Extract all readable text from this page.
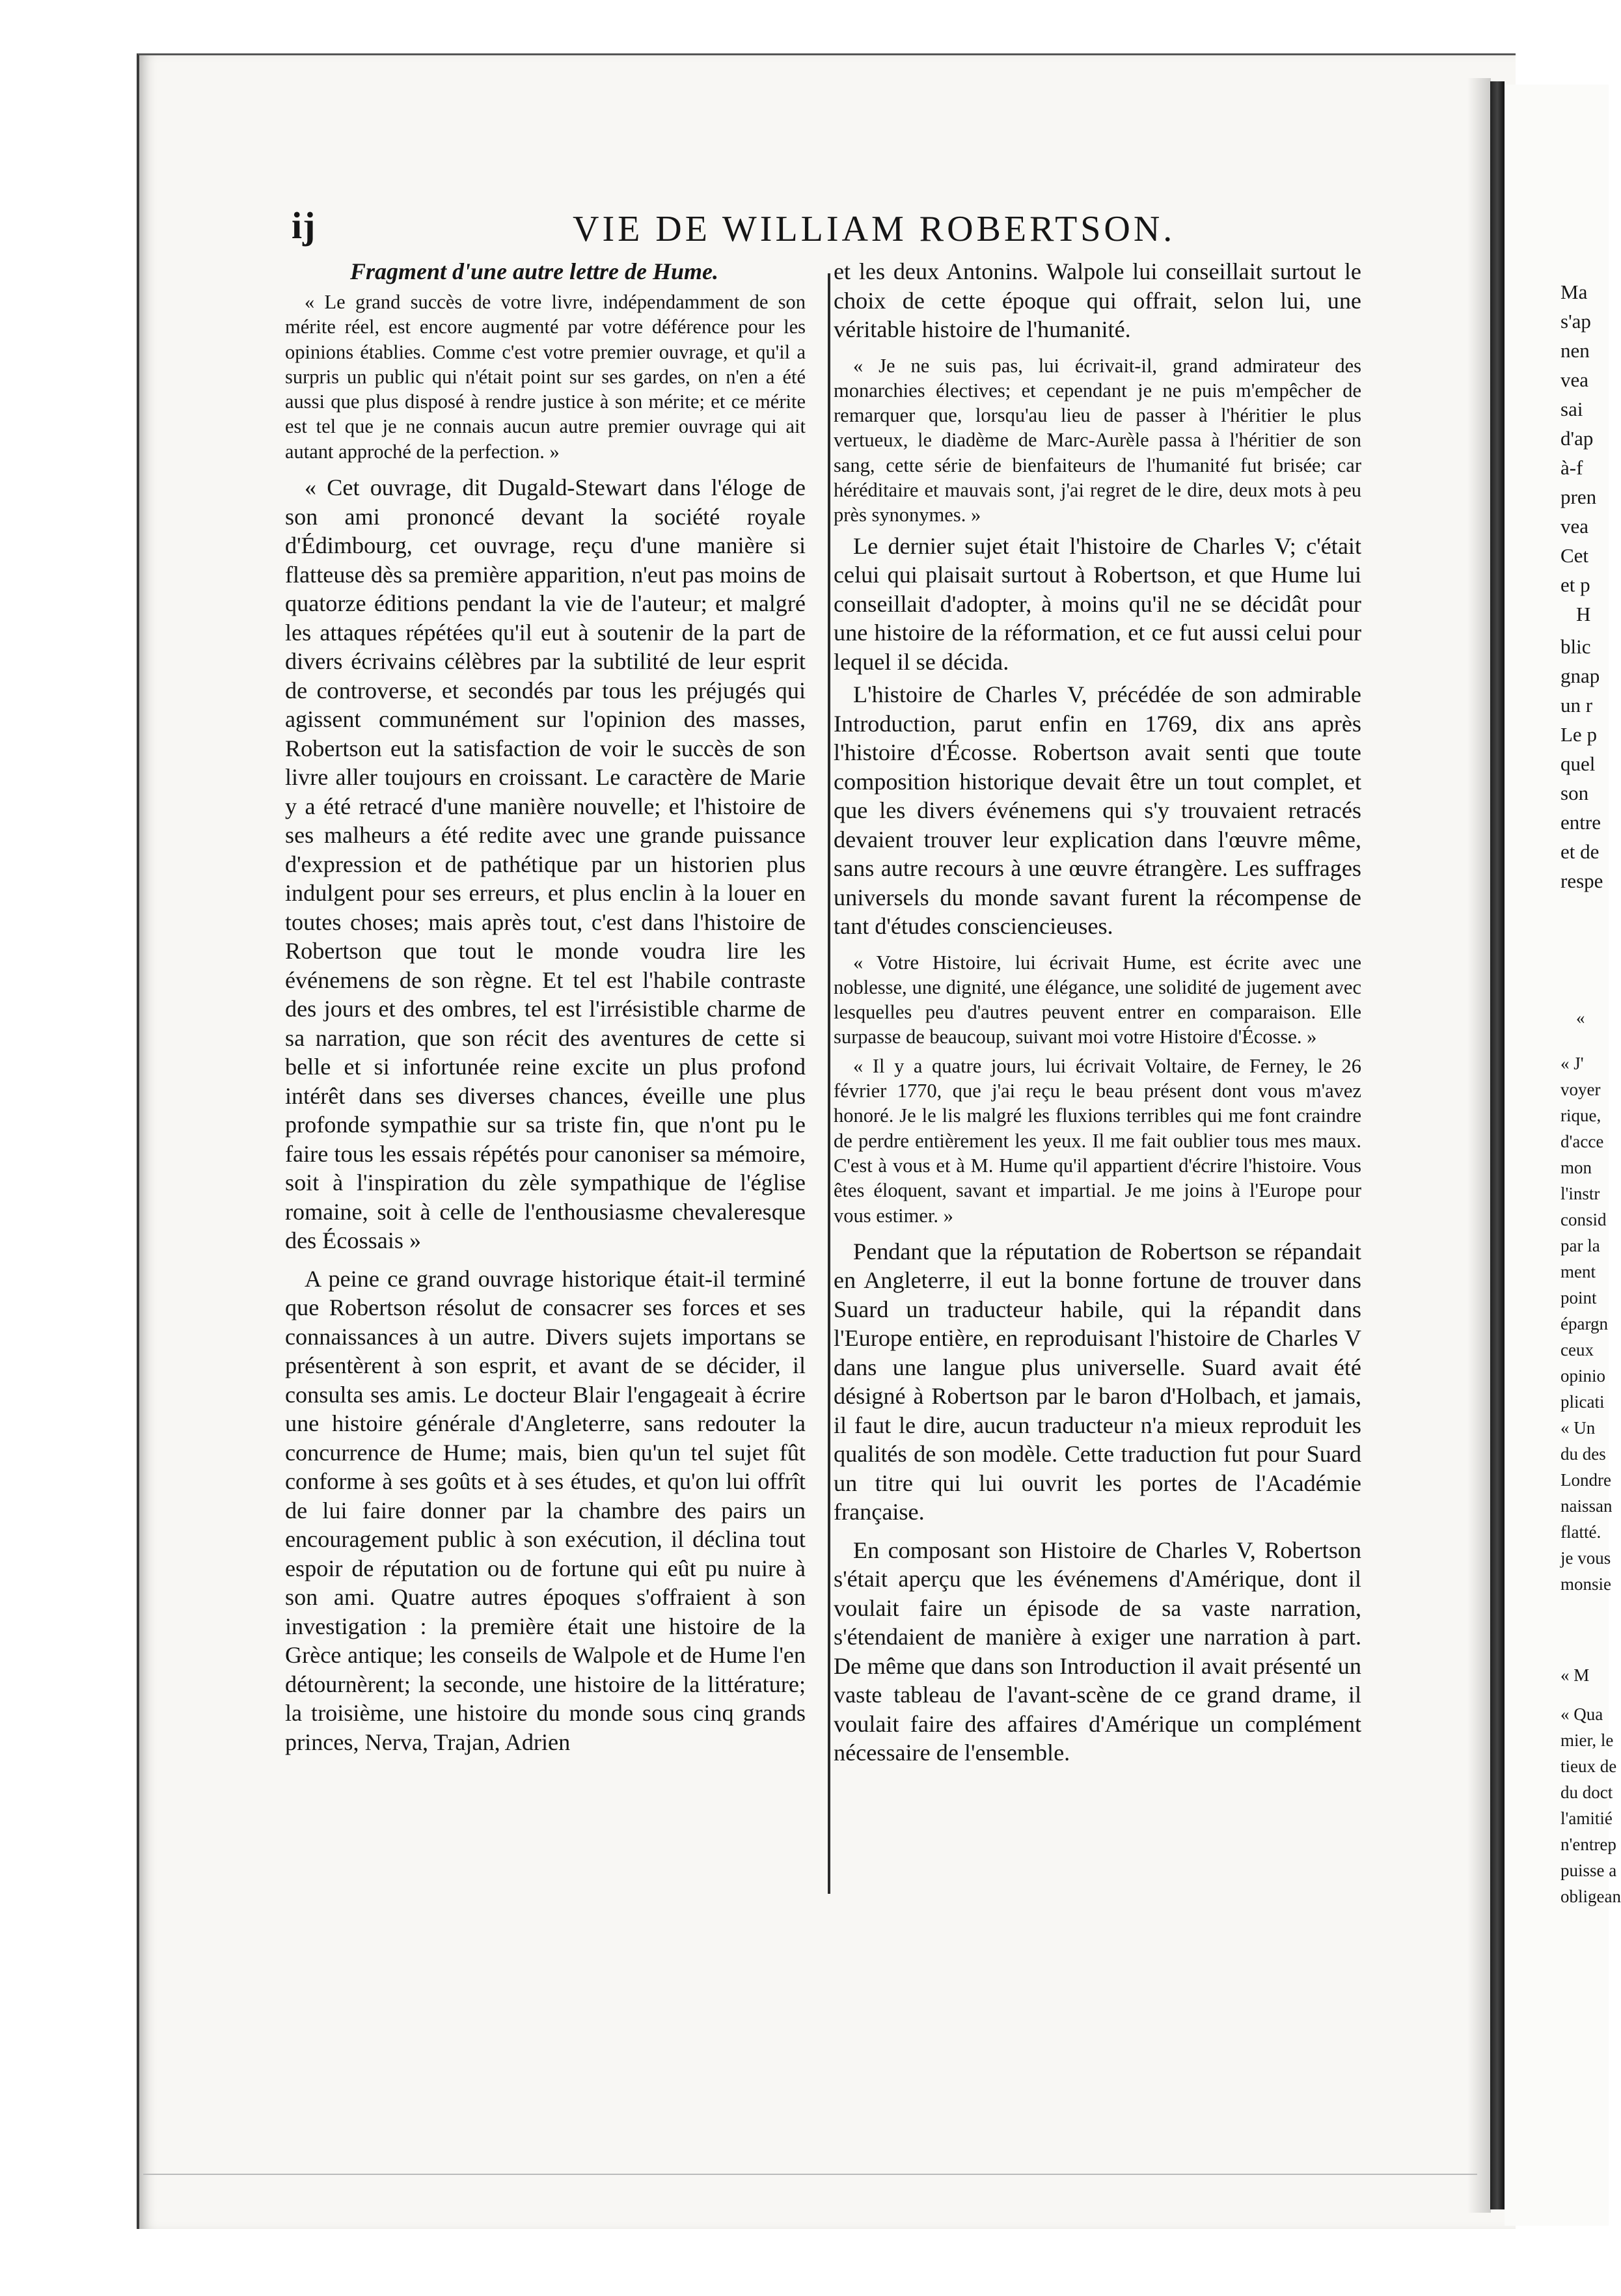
Ma
s'ap
nen
vea
sai
d'ap
à-f
pren
vea
Cet
et p
H
blic
gnap
un r
Le p
quel
son
entre
et de
respe
«
« J'
voyer
rique,
d'acce
mon
l'instr
consid
par la
ment
point
épargn
ceux
opinio
plicati
« Un
du des
Londre
naissan
flatté.
je vous
monsie
« M
« Qua
mier, le
tieux de
du doct
l'amitié
n'entrep
puisse a
obligean
ij	VIE DE WILLIAM ROBERTSON.

Fragment d'une autre lettre de Hume.

« Le grand succès de votre livre, indépendamment de son mérite réel, est encore augmenté par votre déférence pour les opinions établies. Comme c'est votre premier ouvrage, et qu'il a surpris un public qui n'était point sur ses gardes, on n'en a été aussi que plus disposé à rendre justice à son mérite; et ce mérite est tel que je ne connais aucun autre premier ouvrage qui ait autant approché de la perfection. »

« Cet ouvrage, dit Dugald-Stewart dans l'éloge de son ami prononcé devant la société royale d'Édimbourg, cet ouvrage, reçu d'une manière si flatteuse dès sa première apparition, n'eut pas moins de quatorze éditions pendant la vie de l'auteur; et malgré les attaques répétées qu'il eut à soutenir de la part de divers écrivains célèbres par la subtilité de leur esprit de controverse, et secondés par tous les préjugés qui agissent communément sur l'opinion des masses, Robertson eut la satisfaction de voir le succès de son livre aller toujours en croissant. Le caractère de Marie y a été retracé d'une manière nouvelle; et l'histoire de ses malheurs a été redite avec une grande puissance d'expression et de pathétique par un historien plus indulgent pour ses erreurs, et plus enclin à la louer en toutes choses; mais après tout, c'est dans l'histoire de Robertson que tout le monde voudra lire les événemens de son règne. Et tel est l'habile contraste des jours et des ombres, tel est l'irrésistible charme de sa narration, que son récit des aventures de cette si belle et si infortunée reine excite un plus profond intérêt dans ses diverses chances, éveille une plus profonde sympathie sur sa triste fin, que n'ont pu le faire tous les essais répétés pour canoniser sa mémoire, soit à l'inspiration du zèle sympathique de l'église romaine, soit à celle de l'enthousiasme chevaleresque des Écossais »

A peine ce grand ouvrage historique était-il terminé que Robertson résolut de consacrer ses forces et ses connaissances à un autre. Divers sujets importans se présentèrent à son esprit, et avant de se décider, il consulta ses amis. Le docteur Blair l'engageait à écrire une histoire générale d'Angleterre, sans redouter la concurrence de Hume; mais, bien qu'un tel sujet fût conforme à ses goûts et à ses études, et qu'on lui offrît de lui faire donner par la chambre des pairs un encouragement public à son exécution, il déclina tout espoir de réputation ou de fortune qui eût pu nuire à son ami. Quatre autres époques s'offraient à son investigation : la première était une histoire de la Grèce antique; les conseils de Walpole et de Hume l'en détournèrent; la seconde, une histoire de la littérature; la troisième, une histoire du monde sous cinq grands princes, Nerva, Trajan, Adrien

et les deux Antonins. Walpole lui conseillait surtout le choix de cette époque qui offrait, selon lui, une véritable histoire de l'humanité.

« Je ne suis pas, lui écrivait-il, grand admirateur des monarchies électives; et cependant je ne puis m'empêcher de remarquer que, lorsqu'au lieu de passer à l'héritier le plus vertueux, le diadème de Marc-Aurèle passa à l'héritier de son sang, cette série de bienfaiteurs de l'humanité fut brisée; car héréditaire et mauvais sont, j'ai regret de le dire, deux mots à peu près synonymes. »

Le dernier sujet était l'histoire de Charles V; c'était celui qui plaisait surtout à Robertson, et que Hume lui conseillait d'adopter, à moins qu'il ne se décidât pour une histoire de la réformation, et ce fut aussi celui pour lequel il se décida.

L'histoire de Charles V, précédée de son admirable Introduction, parut enfin en 1769, dix ans après l'histoire d'Écosse. Robertson avait senti que toute composition historique devait être un tout complet, et que les divers événemens qui s'y trouvaient retracés devaient trouver leur explication dans l'œuvre même, sans autre recours à une œuvre étrangère. Les suffrages universels du monde savant furent la récompense de tant d'études consciencieuses.

« Votre Histoire, lui écrivait Hume, est écrite avec une noblesse, une dignité, une élégance, une solidité de jugement avec lesquelles peu d'autres peuvent entrer en comparaison. Elle surpasse de beaucoup, suivant moi votre Histoire d'Écosse. »

« Il y a quatre jours, lui écrivait Voltaire, de Ferney, le 26 février 1770, que j'ai reçu le beau présent dont vous m'avez honoré. Je le lis malgré les fluxions terribles qui me font craindre de perdre entièrement les yeux. Il me fait oublier tous mes maux. C'est à vous et à M. Hume qu'il appartient d'écrire l'histoire. Vous êtes éloquent, savant et impartial. Je me joins à l'Europe pour vous estimer. »

Pendant que la réputation de Robertson se répandait en Angleterre, il eut la bonne fortune de trouver dans Suard un traducteur habile, qui la répandit dans l'Europe entière, en reproduisant l'histoire de Charles V dans une langue plus universelle. Suard avait été désigné à Robertson par le baron d'Holbach, et jamais, il faut le dire, aucun traducteur n'a mieux reproduit les qualités de son modèle. Cette traduction fut pour Suard un titre qui lui ouvrit les portes de l'Académie française.

En composant son Histoire de Charles V, Robertson s'était aperçu que les événemens d'Amérique, dont il voulait faire un épisode de sa vaste narration, s'étendaient de manière à exiger une narration à part. De même que dans son Introduction il avait présenté un vaste tableau de l'avant-scène de ce grand drame, il voulait faire des affaires d'Amérique un complément nécessaire de l'ensemble.
